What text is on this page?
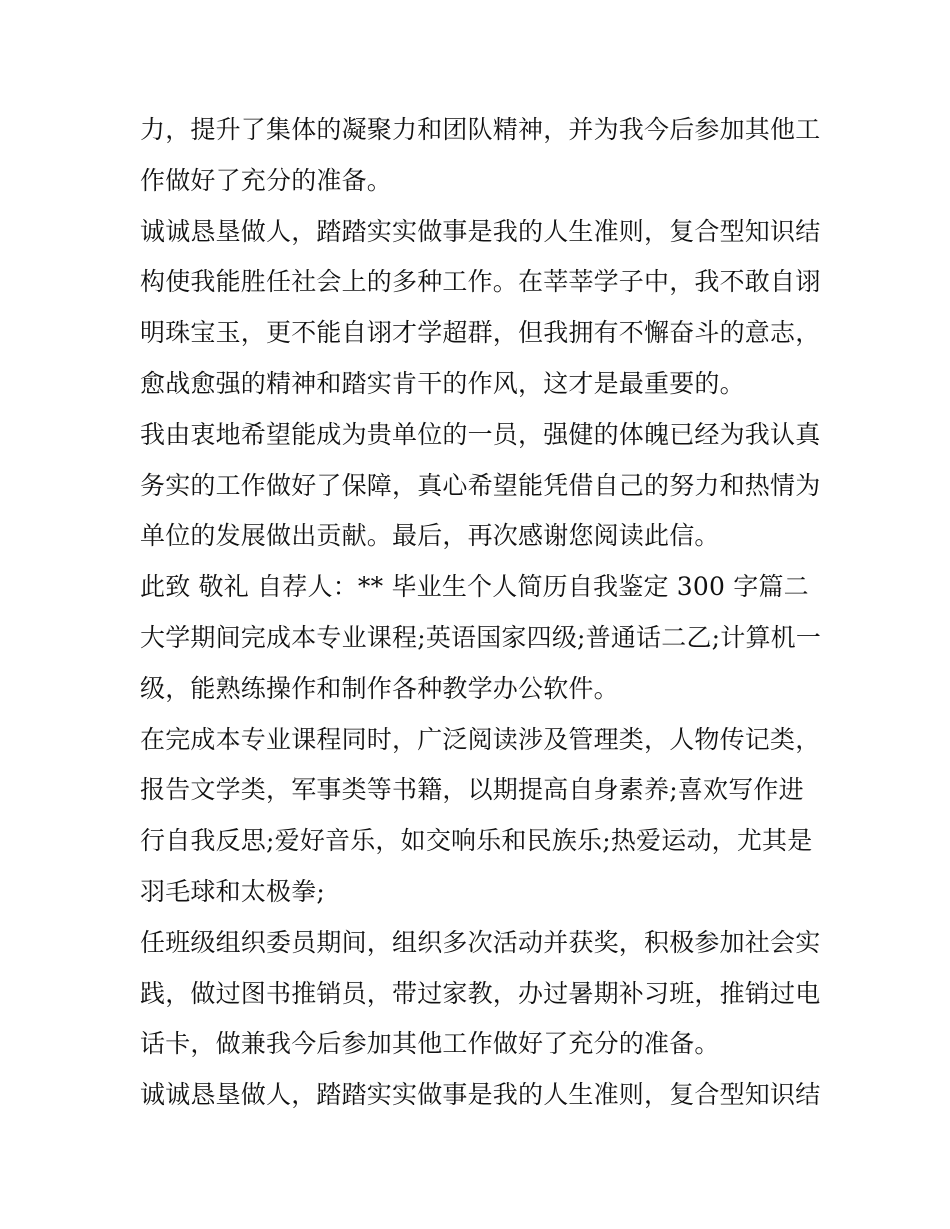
力，提升了集体的凝聚力和团队精神，并为我今后参加其他工
作做好了充分的准备。
诚诚恳垦做人，踏踏实实做事是我的人生准则，复合型知识结
构使我能胜任社会上的多种工作。在莘莘学子中，我不敢自诩
明珠宝玉，更不能自诩才学超群，但我拥有不懈奋斗的意志，
愈战愈强的精神和踏实肯干的作风，这才是最重要的。
我由衷地希望能成为贵单位的一员，强健的体魄已经为我认真
务实的工作做好了保障，真心希望能凭借自己的努力和热情为
单位的发展做出贡献。最后，再次感谢您阅读此信。
此致 敬礼 自荐人：** 毕业生个人简历自我鉴定 300 字篇二
大学期间完成本专业课程;英语国家四级;普通话二乙;计算机一
级，能熟练操作和制作各种教学办公软件。
在完成本专业课程同时，广泛阅读涉及管理类，人物传记类，
报告文学类，军事类等书籍，以期提高自身素养;喜欢写作进
行自我反思;爱好音乐，如交响乐和民族乐;热爱运动，尤其是
羽毛球和太极拳;
任班级组织委员期间，组织多次活动并获奖，积极参加社会实
践，做过图书推销员，带过家教，办过暑期补习班，推销过电
话卡，做兼我今后参加其他工作做好了充分的准备。
诚诚恳垦做人，踏踏实实做事是我的人生准则，复合型知识结
